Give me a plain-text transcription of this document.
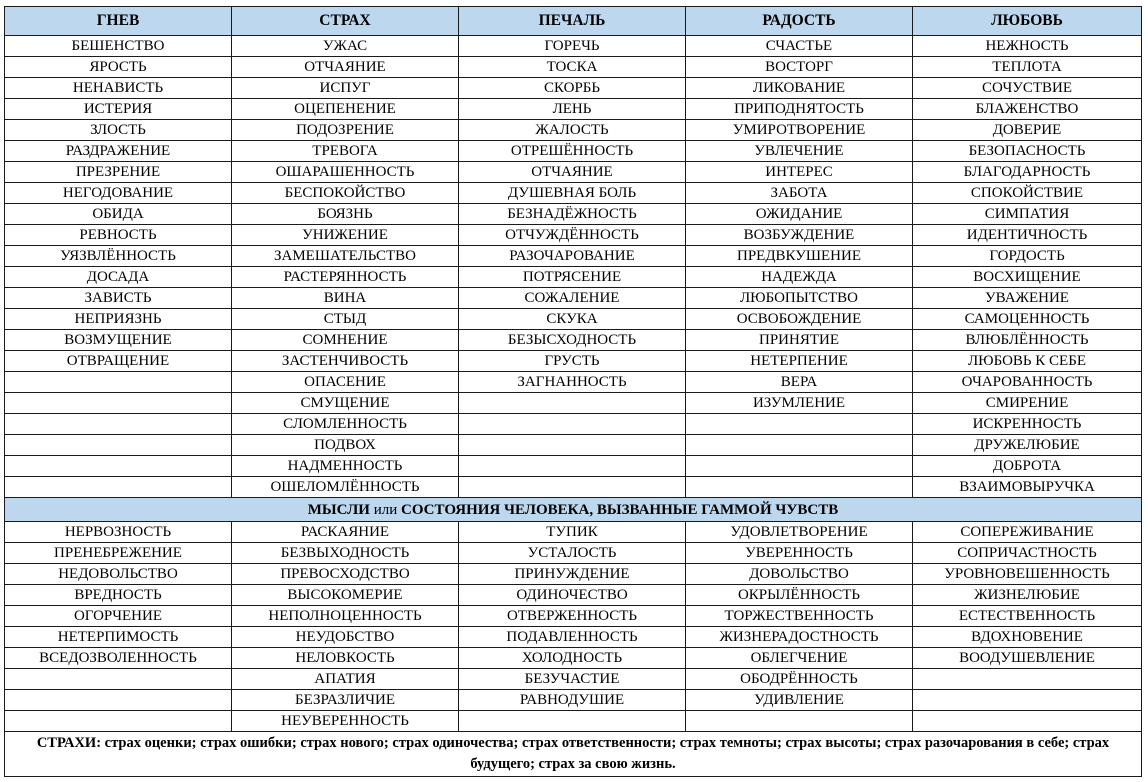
ГНЕВ	СТРАХ	ПЕЧАЛЬ	РАДОСТЬ	ЛЮБОВЬ
БЕШЕНСТВО	УЖАС	ГОРЕЧЬ	СЧАСТЬЕ	НЕЖНОСТЬ
ЯРОСТЬ	ОТЧАЯНИЕ	ТОСКА	ВОСТОРГ	ТЕПЛОТА
НЕНАВИСТЬ	ИСПУГ	СКОРБЬ	ЛИКОВАНИЕ	СОЧУСТВИЕ
ИСТЕРИЯ	ОЦЕПЕНЕНИЕ	ЛЕНЬ	ПРИПОДНЯТОСТЬ	БЛАЖЕНСТВО
ЗЛОСТЬ	ПОДОЗРЕНИЕ	ЖАЛОСТЬ	УМИРОТВОРЕНИЕ	ДОВЕРИЕ
РАЗДРАЖЕНИЕ	ТРЕВОГА	ОТРЕШЁННОСТЬ	УВЛЕЧЕНИЕ	БЕЗОПАСНОСТЬ
ПРЕЗРЕНИЕ	ОШАРАШЕННОСТЬ	ОТЧАЯНИЕ	ИНТЕРЕС	БЛАГОДАРНОСТЬ
НЕГОДОВАНИЕ	БЕСПОКОЙСТВО	ДУШЕВНАЯ БОЛЬ	ЗАБОТА	СПОКОЙСТВИЕ
ОБИДА	БОЯЗНЬ	БЕЗНАДЁЖНОСТЬ	ОЖИДАНИЕ	СИМПАТИЯ
РЕВНОСТЬ	УНИЖЕНИЕ	ОТЧУЖДЁННОСТЬ	ВОЗБУЖДЕНИЕ	ИДЕНТИЧНОСТЬ
УЯЗВЛЁННОСТЬ	ЗАМЕШАТЕЛЬСТВО	РАЗОЧАРОВАНИЕ	ПРЕДВКУШЕНИЕ	ГОРДОСТЬ
ДОСАДА	РАСТЕРЯННОСТЬ	ПОТРЯСЕНИЕ	НАДЕЖДА	ВОСХИЩЕНИЕ
ЗАВИСТЬ	ВИНА	СОЖАЛЕНИЕ	ЛЮБОПЫТСТВО	УВАЖЕНИЕ
НЕПРИЯЗНЬ	СТЫД	СКУКА	ОСВОБОЖДЕНИЕ	САМОЦЕННОСТЬ
ВОЗМУЩЕНИЕ	СОМНЕНИЕ	БЕЗЫСХОДНОСТЬ	ПРИНЯТИЕ	ВЛЮБЛЁННОСТЬ
ОТВРАЩЕНИЕ	ЗАСТЕНЧИВОСТЬ	ГРУСТЬ	НЕТЕРПЕНИЕ	ЛЮБОВЬ К СЕБЕ
	ОПАСЕНИЕ	ЗАГНАННОСТЬ	ВЕРА	ОЧАРОВАННОСТЬ
	СМУЩЕНИЕ		ИЗУМЛЕНИЕ	СМИРЕНИЕ
	СЛОМЛЕННОСТЬ			ИСКРЕННОСТЬ
	ПОДВОХ			ДРУЖЕЛЮБИЕ
	НАДМЕННОСТЬ			ДОБРОТА
	ОШЕЛОМЛЁННОСТЬ			ВЗАИМОВЫРУЧКА
МЫСЛИ или СОСТОЯНИЯ ЧЕЛОВЕКА, ВЫЗВАННЫЕ ГАММОЙ ЧУВСТВ				
НЕРВОЗНОСТЬ	РАСКАЯНИЕ	ТУПИК	УДОВЛЕТВОРЕНИЕ	СОПЕРЕЖИВАНИЕ
ПРЕНЕБРЕЖЕНИЕ	БЕЗВЫХОДНОСТЬ	УСТАЛОСТЬ	УВЕРЕННОСТЬ	СОПРИЧАСТНОСТЬ
НЕДОВОЛЬСТВО	ПРЕВОСХОДСТВО	ПРИНУЖДЕНИЕ	ДОВОЛЬСТВО	УРОВНОВЕШЕННОСТЬ
ВРЕДНОСТЬ	ВЫСОКОМЕРИЕ	ОДИНОЧЕСТВО	ОКРЫЛЁННОСТЬ	ЖИЗНЕЛЮБИЕ
ОГОРЧЕНИЕ	НЕПОЛНОЦЕННОСТЬ	ОТВЕРЖЕННОСТЬ	ТОРЖЕСТВЕННОСТЬ	ЕСТЕСТВЕННОСТЬ
НЕТЕРПИМОСТЬ	НЕУДОБСТВО	ПОДАВЛЕННОСТЬ	ЖИЗНЕРАДОСТНОСТЬ	ВДОХНОВЕНИЕ
ВСЕДОЗВОЛЕННОСТЬ	НЕЛОВКОСТЬ	ХОЛОДНОСТЬ	ОБЛЕГЧЕНИЕ	ВООДУШЕВЛЕНИЕ
	АПАТИЯ	БЕЗУЧАСТИЕ	ОБОДРЁННОСТЬ	
	БЕЗРАЗЛИЧИЕ	РАВНОДУШИЕ	УДИВЛЕНИЕ	
	НЕУВЕРЕННОСТЬ			
СТРАХИ: страх оценки; страх ошибки; страх нового; страх одиночества; страх ответственности; страх темноты; страх высоты; страх разочарования в себе; страх будущего; страх за свою жизнь.				
